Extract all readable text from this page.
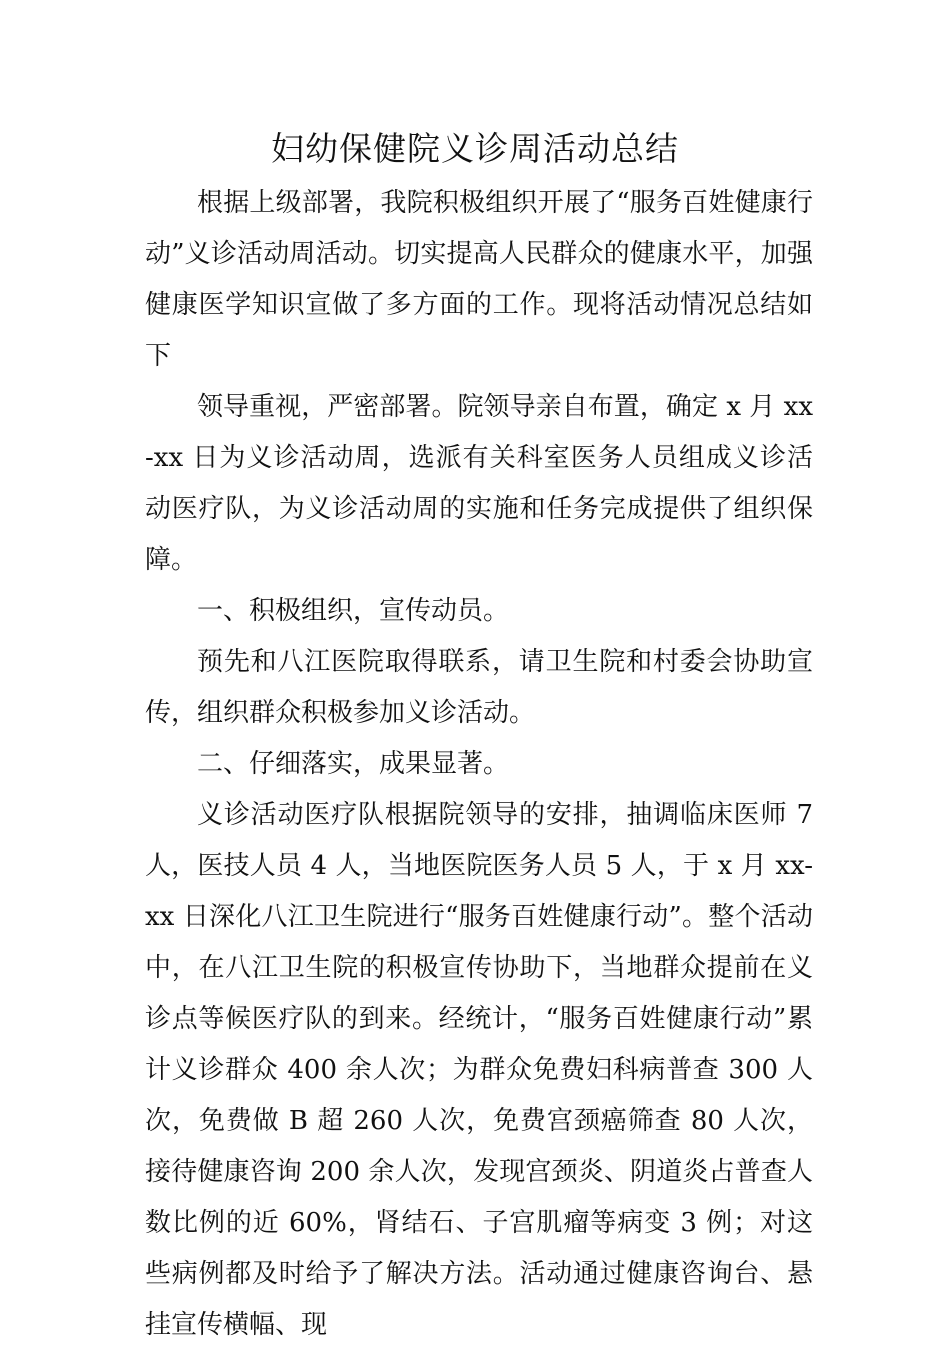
妇幼保健院义诊周活动总结

根据上级部署，我院积极组织开展了“服务百姓健康行动”义诊活动周活动。切实提高人民群众的健康水平，加强健康医学知识宣做了多方面的工作。现将活动情况总结如下

领导重视，严密部署。院领导亲自布置，确定 x 月 xx-xx 日为义诊活动周，选派有关科室医务人员组成义诊活动医疗队，为义诊活动周的实施和任务完成提供了组织保障。

一、积极组织，宣传动员。

预先和八江医院取得联系，请卫生院和村委会协助宣传，组织群众积极参加义诊活动。

二、仔细落实，成果显著。

义诊活动医疗队根据院领导的安排，抽调临床医师 7 人，医技人员 4 人，当地医院医务人员 5 人，于 x 月 xx-xx 日深化八江卫生院进行“服务百姓健康行动”。整个活动中，在八江卫生院的积极宣传协助下，当地群众提前在义诊点等候医疗队的到来。经统计，“服务百姓健康行动”累计义诊群众 400 余人次；为群众免费妇科病普查 300 人次，免费做 B 超 260 人次，免费宫颈癌筛查 80 人次，接待健康咨询 200 余人次，发现宫颈炎、阴道炎占普查人数比例的近 60%，肾结石、子宫肌瘤等病变 3 例；对这些病例都及时给予了解决方法。活动通过健康咨询台、悬挂宣传横幅、现
